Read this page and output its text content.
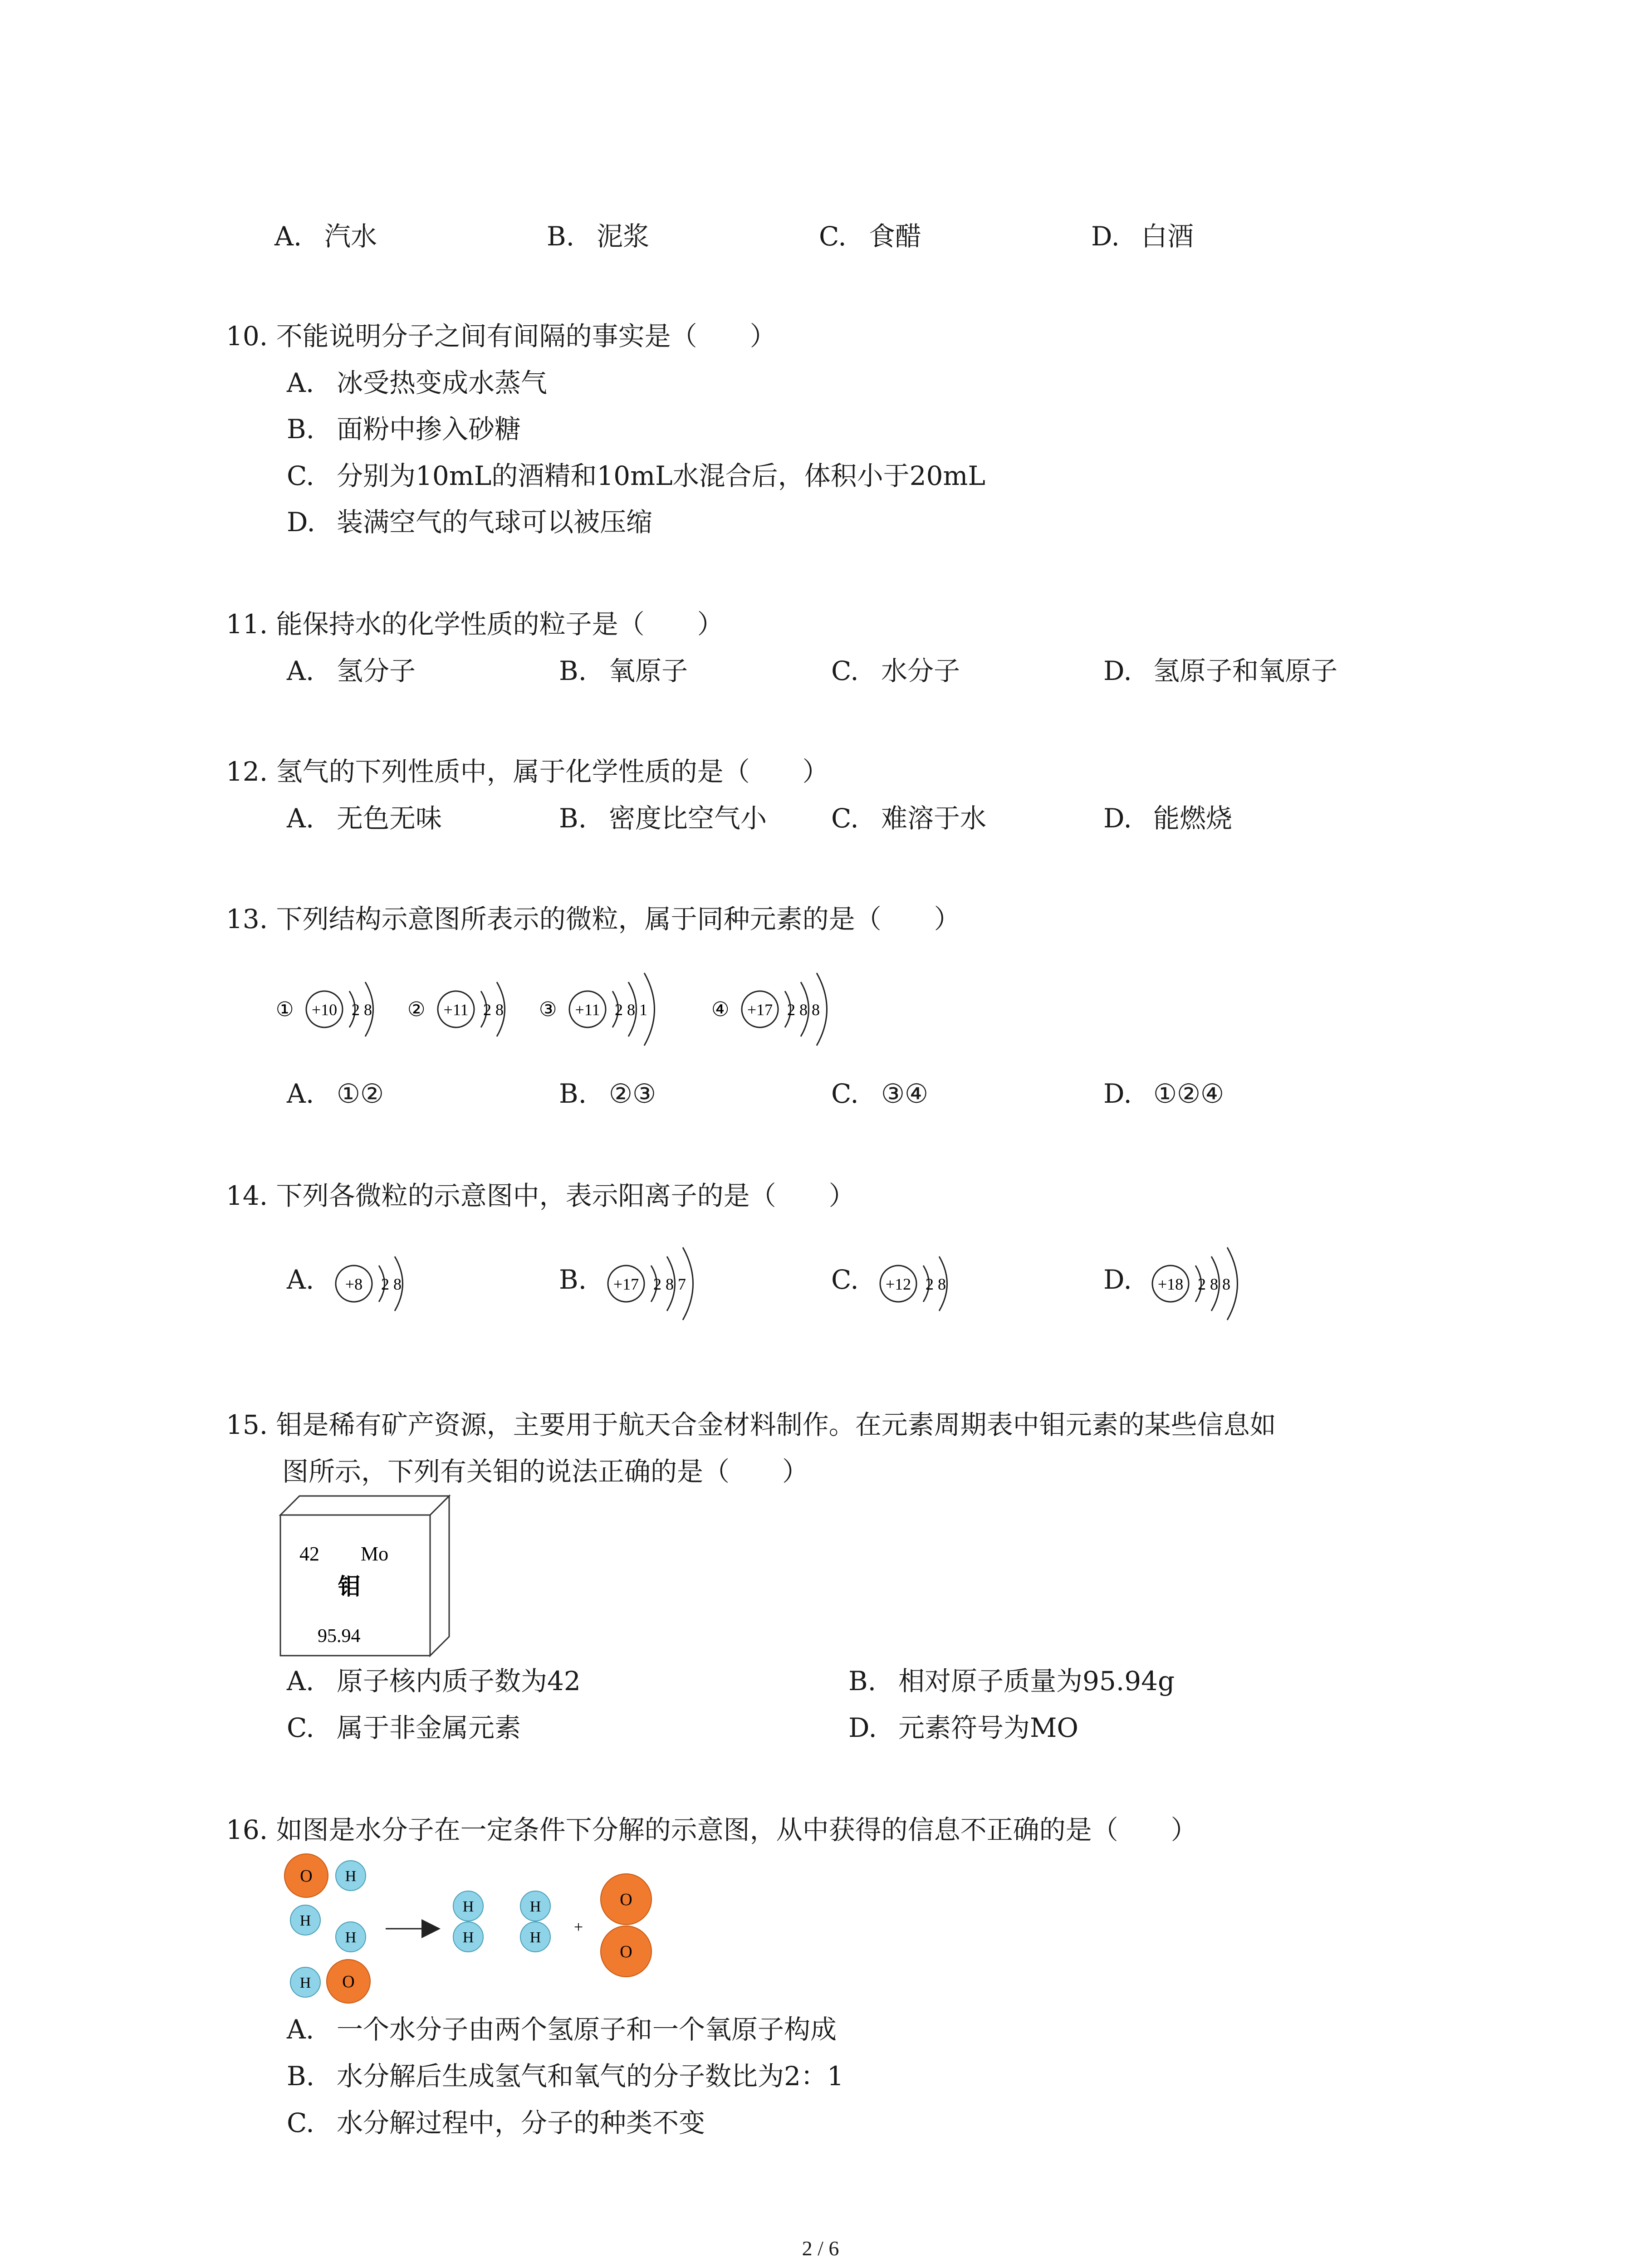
A. 汽水	B. 泥浆	C. 食醋	D. 白酒
10. 不能说明分子之间有间隔的事实是（　　）
A. 冰受热变成水蒸气
B. 面粉中掺入砂糖
C. 分别为10mL的酒精和10mL水混合后，体积小于20mL
D. 装满空气的气球可以被压缩
11. 能保持水的化学性质的粒子是（　　）
A. 氢分子	B. 氧原子	C. 水分子	D. 氢原子和氧原子
12. 氢气的下列性质中，属于化学性质的是（　　）
A. 无色无味	B. 密度比空气小 C. 难溶于水	D. 能燃烧
13. 下列结构示意图所表示的微粒，属于同种元素的是（　　）
① +10 2 8 ② +11 2 8 ③ +11 2 8 1	④ +17 2 8 8
A. ①②	B. ②③	C. ③④	D. ①②④
14. 下列各微粒的示意图中，表示阳离子的是（　　）
A.	B.	C.	D.
+8 2 8	+17 2 8 7	+12 2 8	+18 2 8 8
15. 钼是稀有矿产资源，主要用于航天合金材料制作。在元素周期表中钼元素的某些信息如
图所示，下列有关钼的说法正确的是（　　）
42 Mo
钼
95.94
A. 原子核内质子数为42	B. 相对原子质量为95.94g
C. 属于非金属元素	D. 元素符号为MO
16. 如图是水分子在一定条件下分解的示意图，从中获得的信息不正确的是（　　）
O H
H
H
H O
H
H
H
H
+
O
O
A. 一个水分子由两个氢原子和一个氧原子构成
B. 水分解后生成氢气和氧气的分子数比为2：1
C. 水分解过程中，分子的种类不变
2 / 6
